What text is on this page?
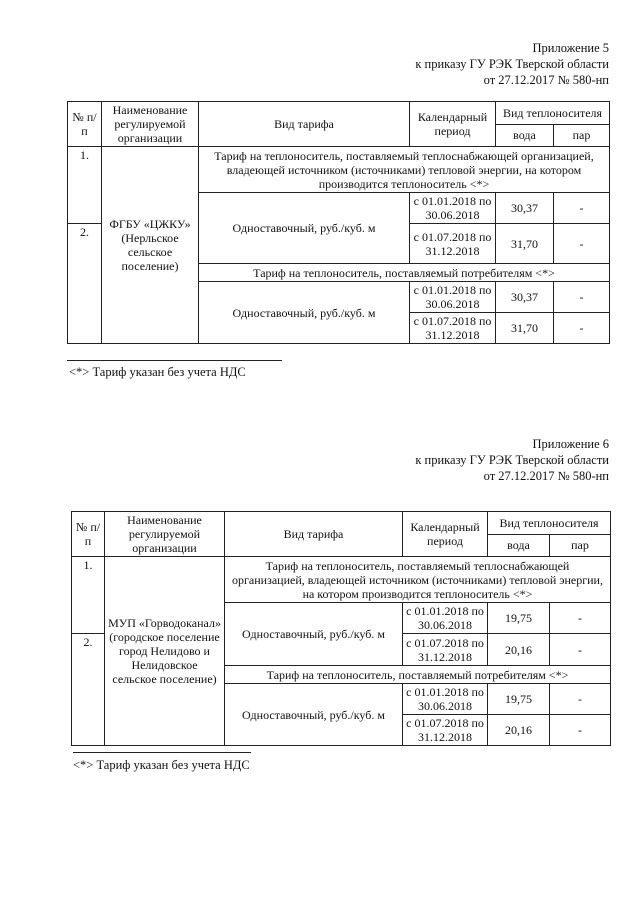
Приложение 5
к приказу ГУ РЭК Тверской области
от 27.12.2017 № 580-нп
№ п/п	Наименование регулируемой организации	Вид тарифа	Календарный период	Вид теплоносителя	
				вода	пар
1.	ФГБУ «ЦЖКУ» (Нерльское сельское поселение)	Тариф на теплоноситель, поставляемый теплоснабжающей организацией, владеющей источником (источниками) тепловой энергии, на котором производится теплоноситель <*>			
		Одноставочный, руб./куб. м	с 01.01.2018 по 30.06.2018	30,37	-
2.			с 01.07.2018 по 31.12.2018	31,70	-
		Тариф на теплоноситель, поставляемый потребителям <*>			
		Одноставочный, руб./куб. м	с 01.01.2018 по 30.06.2018	30,37	-
			с 01.07.2018 по 31.12.2018	31,70	-
<*> Тариф указан без учета НДС
Приложение 6
к приказу ГУ РЭК Тверской области
от 27.12.2017 № 580-нп
№ п/п	Наименование регулируемой организации	Вид тарифа	Календарный период	Вид теплоносителя	
				вода	пар
1.	МУП «Горводоканал» (городское поселение город Нелидово и Нелидовское сельское поселение)	Тариф на теплоноситель, поставляемый теплоснабжающей организацией, владеющей источником (источниками) тепловой энергии, на котором производится теплоноситель <*>			
		Одноставочный, руб./куб. м	с 01.01.2018 по 30.06.2018	19,75	-
2.			с 01.07.2018 по 31.12.2018	20,16	-
		Тариф на теплоноситель, поставляемый потребителям <*>			
		Одноставочный, руб./куб. м	с 01.01.2018 по 30.06.2018	19,75	-
			с 01.07.2018 по 31.12.2018	20,16	-
<*> Тариф указан без учета НДС
